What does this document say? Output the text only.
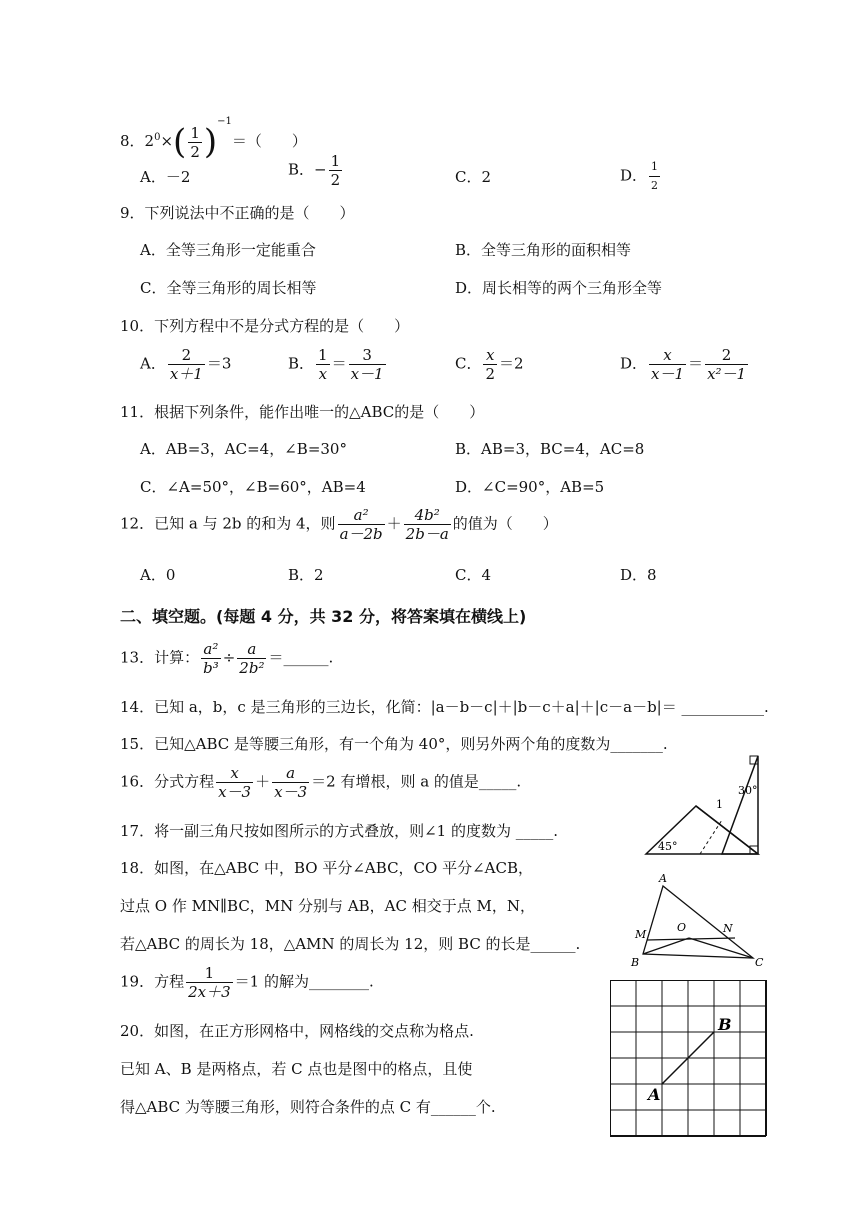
8．$2^0\times( \frac{1}{2} )^{-1}=$（　　）
A．－2	B．− $\frac{1}{2}$	C．2	D． $\frac{1}{2}$
9．下列说法中不正确的是（　　）
A．全等三角形一定能重合	B．全等三角形的面积相等
C．全等三角形的周长相等	D．周长相等的两个三角形全等
10．下列方程中不是分式方程的是（　　）
A． $\frac{2}{x+1} =3$	B． $\frac{1}{x} = \frac{3}{x-1}$	C． $\frac{x}{2} =2$	D． $\frac{x}{x-1} = \frac{2}{\text{x²－1}}$
11．根据下列条件，能作出唯一的△ABC的是（　　）
A．AB=3，AC=4，∠B=30°	B．AB=3，BC=4，AC=8
C．∠A=50°，∠B=60°，AB=4	D．∠C=90°，AB=5
12．已知 a 与 2b 的和为 4，则 $\frac{\text{a²}}{a-2b} + \frac{\text{4b²}}{2b-a}$ 的值为（　　）
A．0	B．2	C．4	D．8
二、填空题。(每题 4 分，共 32 分，将答案填在横线上)
13．计算： $\frac{\text{a²}}{\text{b³}} \div \frac{a}{\text{2b²}}$ ＝______.
14．已知 a，b，c 是三角形的三边长，化简：|a－b－c|＋|b－c＋a|＋|c－a－b|＝ ___________.
15．已知△ABC 是等腰三角形，有一个角为 40°，则另外两个角的度数为_______.
16．分式方程 $\frac{x}{x-3} + \frac{a}{x-3} =2$ 有增根，则 a 的值是_____.
17．将一副三角尺按如图所示的方式叠放，则∠1 的度数为 _____.
18．如图，在△ABC 中，BO 平分∠ABC，CO 平分∠ACB，
过点 O 作 MN∥BC，MN 分别与 AB，AC 相交于点 M，N，
若△ABC 的周长为 18，△AMN 的周长为 12，则 BC 的长是______.
19．方程 $\frac{1}{2x+3} =1$ 的解为________.
20．如图，在正方形网格中，网格线的交点称为格点.
已知 A、B 是两格点，若 C 点也是图中的格点，且使
得△ABC 为等腰三角形，则符合条件的点 C 有______个.
1
30°
45°
A
O
M	N
B	C
B
A
